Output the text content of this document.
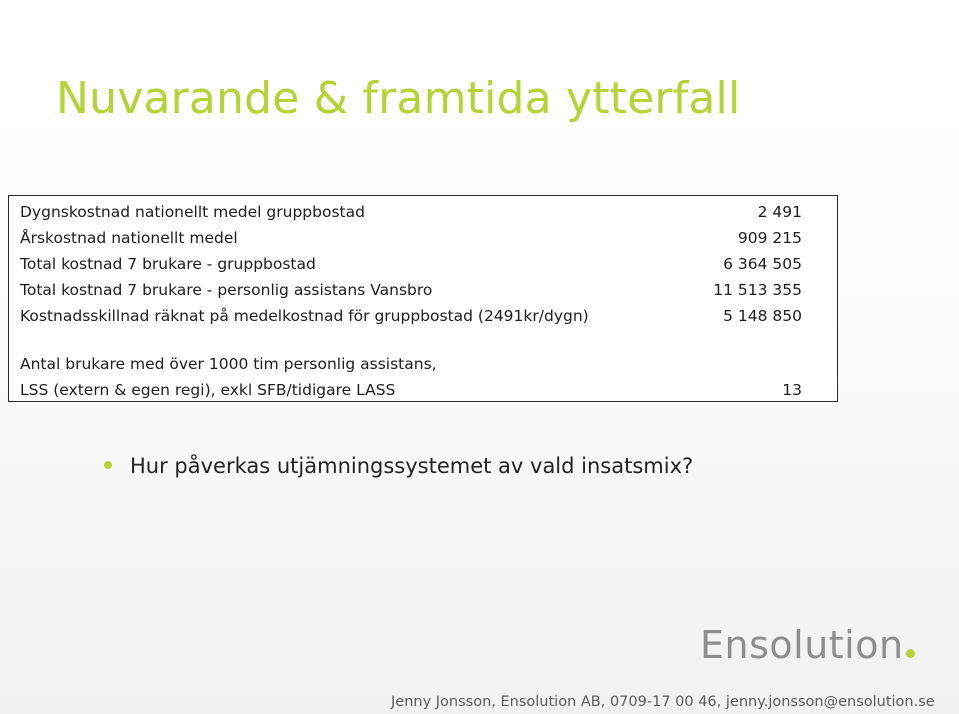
Nuvarande & framtida ytterfall
Dygnskostnad nationellt medel gruppbostad	2 491
Årskostnad nationellt medel	909 215
Total kostnad 7 brukare - gruppbostad	6 364 505
Total kostnad 7 brukare - personlig assistans Vansbro	11 513 355
Kostnadsskillnad räknat på medelkostnad för gruppbostad (2491kr/dygn)	5 148 850
Antal brukare med över 1000 tim personlig assistans,
LSS (extern & egen regi), exkl SFB/tidigare LASS	13
Hur påverkas utjämningssystemet av vald insatsmix?
Ensolution
Jenny Jonsson, Ensolution AB, 0709-17 00 46, jenny.jonsson@ensolution.se
